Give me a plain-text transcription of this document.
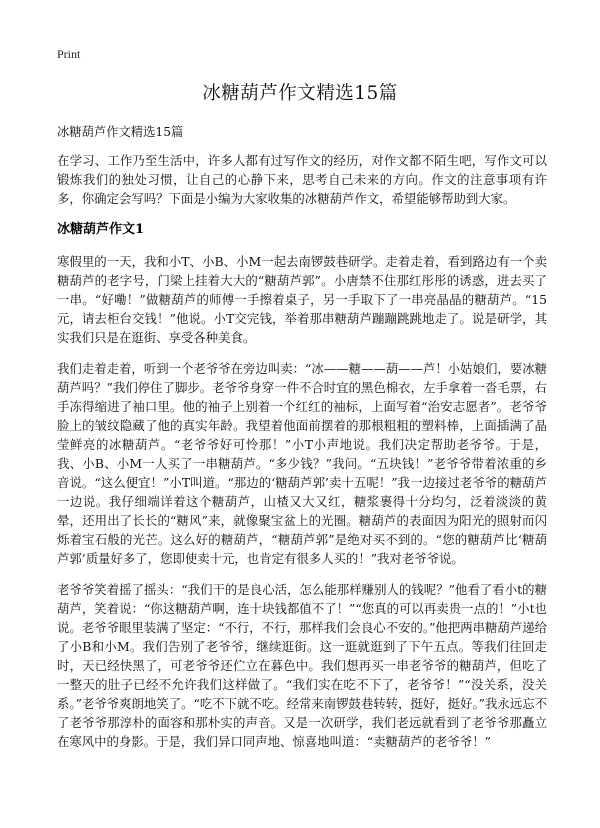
Print
冰糖葫芦作文精选15篇
冰糖葫芦作文精选15篇

在学习、工作乃至生活中，许多人都有过写作文的经历，对作文都不陌生吧，写作文可以锻炼我们的独处习惯，让自己的心静下来，思考自己未来的方向。作文的注意事项有许多，你确定会写吗？下面是小编为大家收集的冰糖葫芦作文，希望能够帮助到大家。

冰糖葫芦作文1

寒假里的一天，我和小T、小B、小M一起去南锣鼓巷研学。走着走着，看到路边有一个卖糖葫芦的老字号，门梁上挂着大大的“糖葫芦郭”。小唐禁不住那红彤彤的诱惑，进去买了一串。“好嘞！”做糖葫芦的师傅一手擦着桌子，另一手取下了一串亮晶晶的糖葫芦。“15元，请去柜台交钱！”他说。小T交完钱，举着那串糖葫芦蹦蹦跳跳地走了。说是研学，其实我们只是在逛街、享受各种美食。

我们走着走着，听到一个老爷爷在旁边叫卖：“冰——糖——葫——芦！小姑娘们，要冰糖葫芦吗？”我们停住了脚步。老爷爷身穿一件不合时宜的黑色棉衣，左手拿着一沓毛票，右手冻得缩进了袖口里。他的袖子上别着一个红红的袖标，上面写着“治安志愿者”。老爷爷脸上的皱纹隐藏了他的真实年龄。我望着他面前摆着的那根粗粗的塑料棒，上面插满了晶莹鲜亮的冰糖葫芦。“老爷爷好可怜那！”小T小声地说。我们决定帮助老爷爷。于是，我、小B、小M一人买了一串糖葫芦。“多少钱？”我问。“五块钱！”老爷爷带着浓重的乡音说。“这么便宜！”小T叫道。“那边的‘糖葫芦郭’卖十五呢！”我一边接过老爷爷的糖葫芦一边说。我仔细端详着这个糖葫芦，山楂又大又红，糖浆裹得十分均匀，泛着淡淡的黄晕，还用出了长长的“糖风”来，就像聚宝盆上的光圈。糖葫芦的表面因为阳光的照射而闪烁着宝石般的光芒。这么好的糖葫芦，“糖葫芦郭”是绝对买不到的。“您的糖葫芦比‘糖葫芦郭’质量好多了，您即使卖十元，也肯定有很多人买的！”我对老爷爷说。

老爷爷笑着摇了摇头：“我们干的是良心活，怎么能那样赚别人的钱呢？”他看了看小t的糖葫芦，笑着说：“你这糖葫芦啊，连十块钱都值不了！”“您真的可以再卖贵一点的！”小t也说。老爷爷眼里装满了坚定：“不行，不行，那样我们会良心不安的。”他把两串糖葫芦递给了小B和小M。我们告别了老爷爷，继续逛街。这一逛就逛到了下午五点。等我们往回走时，天已经快黑了，可老爷爷还伫立在暮色中。我们想再买一串老爷爷的糖葫芦，但吃了一整天的肚子已经不允许我们这样做了。“我们实在吃不下了，老爷爷！”“没关系，没关系。”老爷爷爽朗地笑了。“吃不下就不吃。经常来南锣鼓巷转转，挺好，挺好。”我永远忘不了老爷爷那淳朴的面容和那朴实的声音。又是一次研学，我们老远就看到了老爷爷那矗立在寒风中的身影。于是，我们异口同声地、惊喜地叫道：“卖糖葫芦的老爷爷！”
